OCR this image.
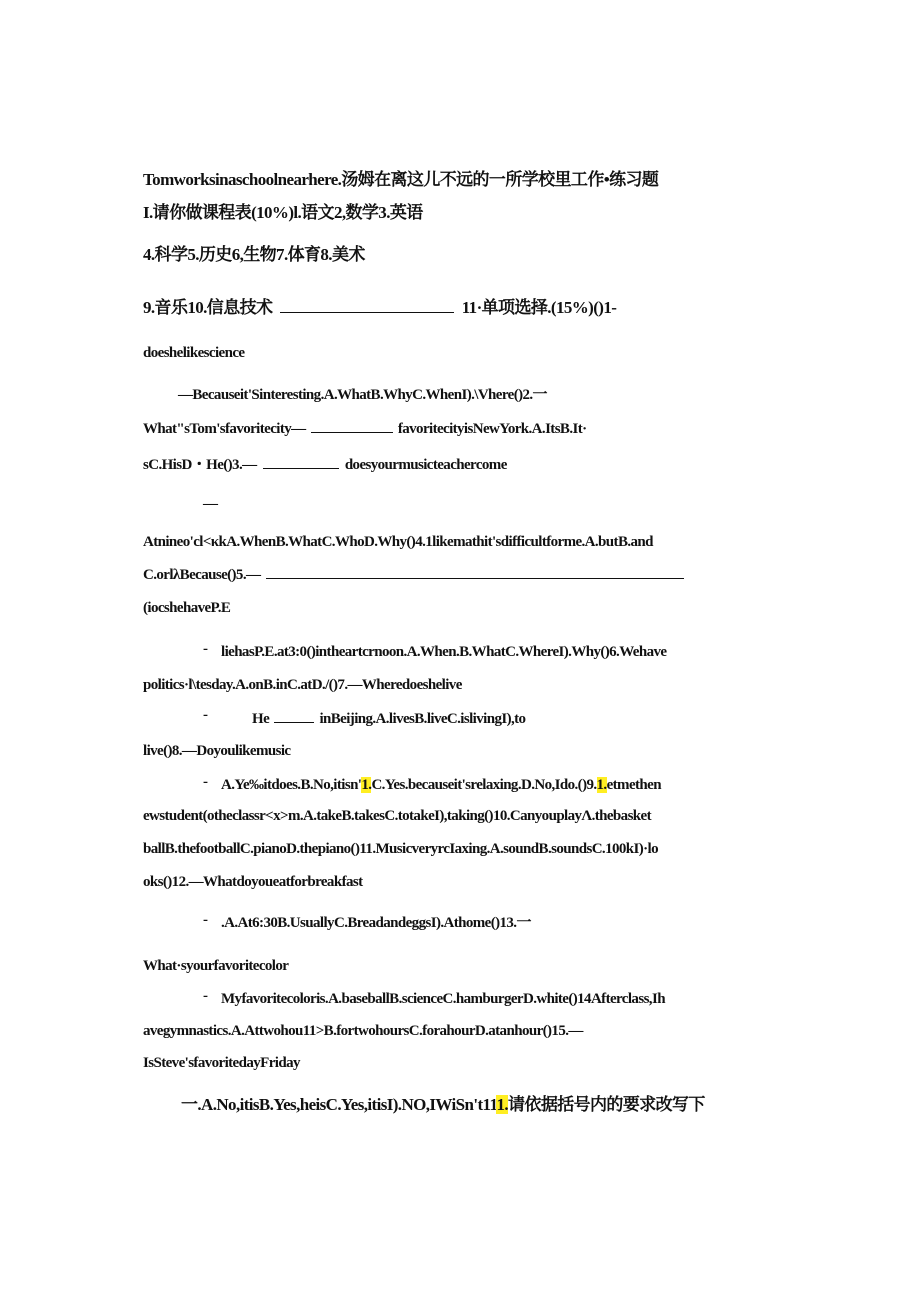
Tomworksinaschoolnearhere.汤姆在离这儿不远的一所学校里工作•练习题
I.请你做课程表(10%)l.语文2,数学3.英语
4.科学5.历史6,生物7.体育8.美术
9.音乐10.信息技术	11·单项选择.(15%)()1-
doeshelikescience
—Becauseit'Sinteresting.A.WhatB.WhyC.WhenI).\Vhere()2.一
What"sTom'sfavoritecity—	favoritecityisNewYork.A.ItsB.It·
sC.HisD・He()3.—	doesyourmusicteachercome
—
Atnineo'cl<κkA.WhenB.WhatC.WhoD.Why()4.1likemathit'sdifficultforme.A.butB.and
C.orlλBecause()5.—
(iocshehaveP.E
- liehasP.E.at3:0()intheartcrnoon.A.When.B.WhatC.WhereI).Why()6.Wehave
politics·l\tesday.A.onB.inC.atD./()7.—Wheredoeshelive
-	He	inBeijing.A.livesB.liveC.islivingI),to
live()8.—Doyoulikemusic
- A.Ye‰itdoes.B.No,itisn'1.C.Yes.becauseit'srelaxing.D.No,Ido.()9.1.etmethen
ewstudent(otheclassr<x>m.A.takeB.takesC.totakeI),taking()10.CanyouplayΛ.thebasket
ballB.thefootballC.pianoD.thepiano()11.MusicveryrcIaxing.A.soundB.soundsC.100kI)·lo
oks()12.—Whatdoyoueatforbreakfast
- .A.At6:30B.UsuallyC.BreadandeggsI).Athome()13.一
What·syourfavoritecolor
- Myfavoritecoloris.A.baseballB.scienceC.hamburgerD.white()14Afterclass,Ih
avegymnastics.A.Attwohou11>B.fortwohoursC.forahourD.atanhour()15.—
IsSteve'sfavoritedayFriday
一.A.No,itisB.Yes,heisC.Yes,itisI).NO,IWiSn't111.请依据括号内的要求改写下
